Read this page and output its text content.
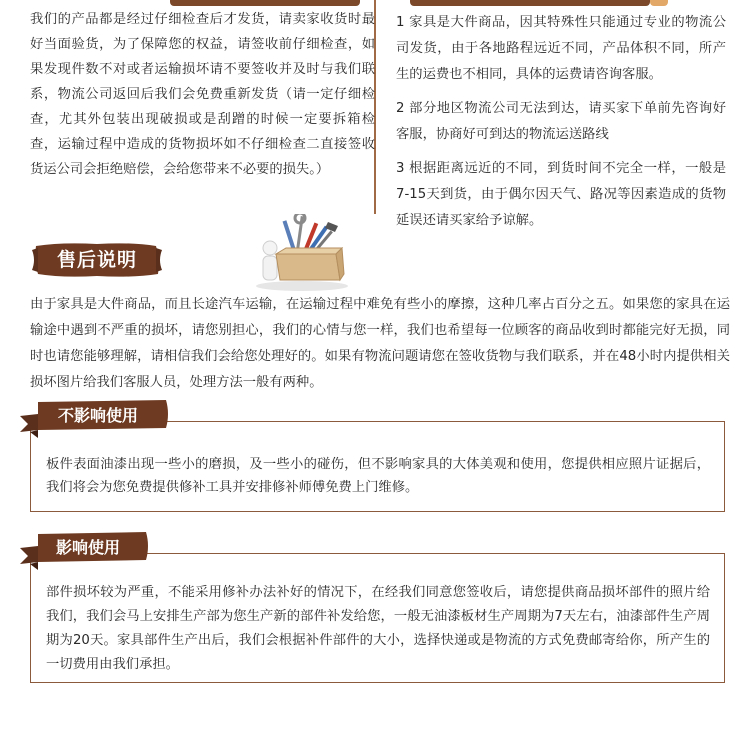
我们的产品都是经过仔细检查后才发货，请卖家收货时最好当面验货，为了保障您的权益，请签收前仔细检查，如果发现件数不对或者运输损坏请不要签收并及时与我们联系，物流公司返回后我们会免费重新发货（请一定仔细检查，尤其外包装出现破损或是刮蹭的时候一定要拆箱检查，运输过程中造成的货物损坏如不仔细检查二直接签收货运公司会拒绝赔偿，会给您带来不必要的损失。）
1 家具是大件商品，因其特殊性只能通过专业的物流公司发货，由于各地路程远近不同，产品体积不同，所产生的运费也不相同，具体的运费请咨询客服。
2 部分地区物流公司无法到达，请买家下单前先咨询好客服，协商好可到达的物流运送路线
3 根据距离远近的不同，到货时间不完全一样，一般是7-15天到货，由于偶尔因天气、路况等因素造成的货物延误还请买家给予谅解。
售后说明
由于家具是大件商品，而且长途汽车运输，在运输过程中难免有些小的摩擦，这种几率占百分之五。如果您的家具在运输途中遇到不严重的损坏，请您别担心，我们的心情与您一样，我们也希望每一位顾客的商品收到时都能完好无损，同时也请您能够理解，请相信我们会给您处理好的。如果有物流问题请您在签收货物与我们联系，并在48小时内提供相关损坏图片给我们客服人员，处理方法一般有两种。
板件表面油漆出现一些小的磨损，及一些小的碰伤，但不影响家具的大体美观和使用，您提供相应照片证据后，我们将会为您免费提供修补工具并安排修补师傅免费上门维修。
不影响使用
部件损坏较为严重，不能采用修补办法补好的情况下，在经我们同意您签收后，请您提供商品损坏部件的照片给我们，我们会马上安排生产部为您生产新的部件补发给您，一般无油漆板材生产周期为7天左右，油漆部件生产周期为20天。家具部件生产出后，我们会根据补件部件的大小，选择快递或是物流的方式免费邮寄给你，所产生的一切费用由我们承担。
影响使用
